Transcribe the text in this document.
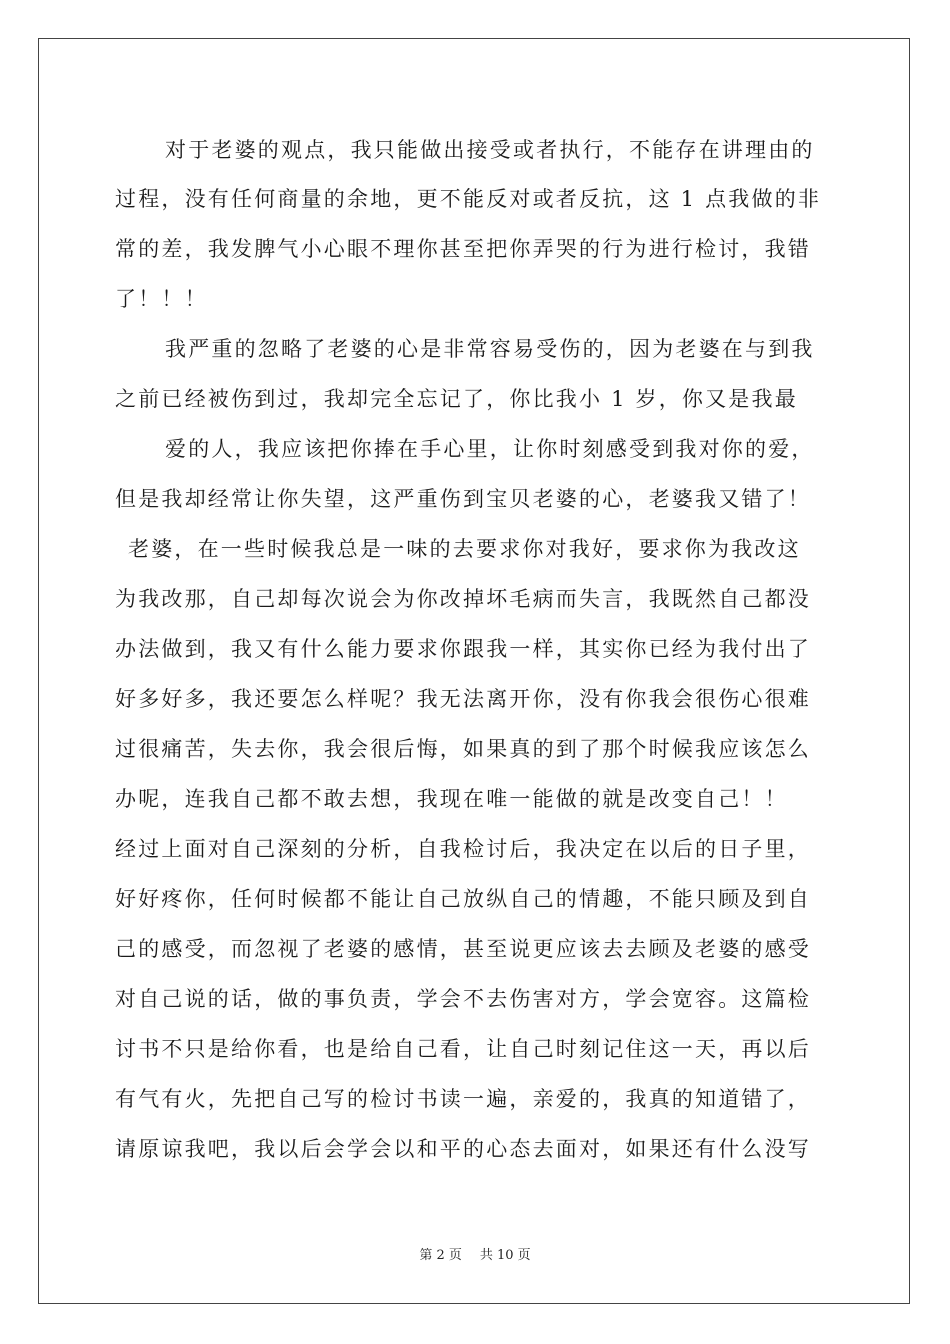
对于老婆的观点，我只能做出接受或者执行，不能存在讲理由的
过程，没有任何商量的余地，更不能反对或者反抗，这 1 点我做的非
常的差，我发脾气小心眼不理你甚至把你弄哭的行为进行检讨，我错
了！！！
我严重的忽略了老婆的心是非常容易受伤的，因为老婆在与到我
之前已经被伤到过，我却完全忘记了，你比我小 1 岁，你又是我最
爱的人，我应该把你捧在手心里，让你时刻感受到我对你的爱，
但是我却经常让你失望，这严重伤到宝贝老婆的心，老婆我又错了！
老婆，在一些时候我总是一味的去要求你对我好，要求你为我改这
为我改那，自己却每次说会为你改掉坏毛病而失言，我既然自己都没
办法做到，我又有什么能力要求你跟我一样，其实你已经为我付出了
好多好多，我还要怎么样呢？我无法离开你，没有你我会很伤心很难
过很痛苦，失去你，我会很后悔，如果真的到了那个时候我应该怎么
办呢，连我自己都不敢去想，我现在唯一能做的就是改变自己！！
经过上面对自己深刻的分析，自我检讨后，我决定在以后的日子里，
好好疼你，任何时候都不能让自己放纵自己的情趣，不能只顾及到自
己的感受，而忽视了老婆的感情，甚至说更应该去去顾及老婆的感受
对自己说的话，做的事负责，学会不去伤害对方，学会宽容。这篇检
讨书不只是给你看，也是给自己看，让自己时刻记住这一天，再以后
有气有火，先把自己写的检讨书读一遍，亲爱的，我真的知道错了，
请原谅我吧，我以后会学会以和平的心态去面对，如果还有什么没写
第 2 页 共 10 页
